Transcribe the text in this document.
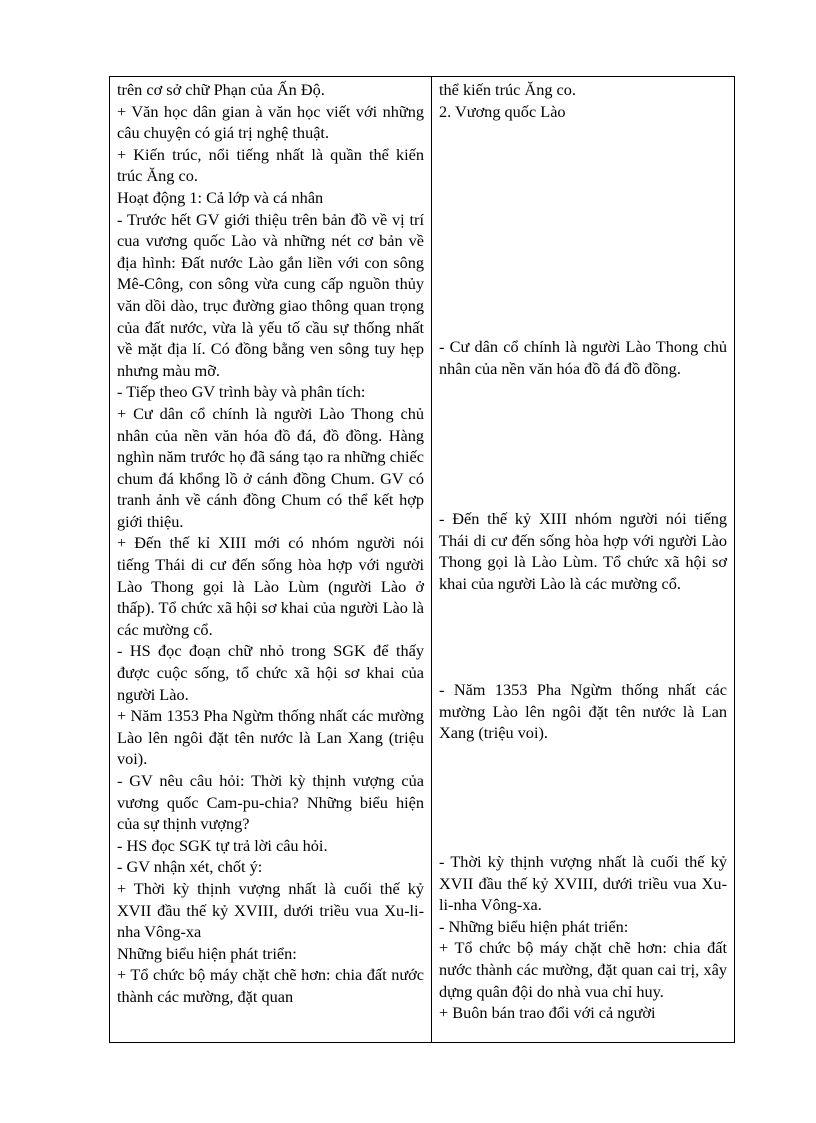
trên cơ sở chữ Phạn của Ấn Độ.
+ Văn học dân gian à văn học viết với những câu chuyện có giá trị nghệ thuật.
+ Kiến trúc, nổi tiếng nhất là quần thể kiến trúc Ăng co.
Hoạt động 1: Cả lớp và cá nhân
- Trước hết GV giới thiệu trên bản đồ về vị trí cua vương quốc Lào và những nét cơ bản về địa hình: Đất nước Lào gắn liền với con sông Mê-Công, con sông vừa cung cấp nguồn thủy văn dồi dào, trục đường giao thông quan trọng của đất nước, vừa là yếu tố cầu sự thống nhất về mặt địa lí. Có đồng bằng ven sông tuy hẹp nhưng màu mỡ.
- Tiếp theo GV trình bày và phân tích:
+ Cư dân cổ chính là người Lào Thong chủ nhân của nền văn hóa đồ đá, đồ đồng. Hàng nghìn năm trước họ đã sáng tạo ra những chiếc chum đá khổng lồ ở cánh đồng Chum. GV có tranh ảnh về cánh đồng Chum có thể kết hợp giới thiệu.
+ Đến thế kỉ XIII mới có nhóm người nói tiếng Thái di cư đến sống hòa hợp với người Lào Thong gọi là Lào Lùm (người Lào ở thấp). Tổ chức xã hội sơ khai của người Lào là các mường cổ.
- HS đọc đoạn chữ nhỏ trong SGK để thấy được cuộc sống, tổ chức xã hội sơ khai của người Lào.
+ Năm 1353 Pha Ngừm thống nhất các mường Lào lên ngôi đặt tên nước là Lan Xang (triệu voi).
- GV nêu câu hỏi: Thời kỳ thịnh vượng của vương quốc Cam-pu-chia? Những biểu hiện của sự thịnh vượng?
- HS đọc SGK tự trả lời câu hỏi.
- GV nhận xét, chốt ý:
+ Thời kỳ thịnh vượng nhất là cuối thế kỷ XVII đầu thế kỷ XVIII, dưới triều vua Xu-li-nha Vông-xa
Những biểu hiện phát triển:
+ Tổ chức bộ máy chặt chẽ hơn: chia đất nước thành các mường, đặt quan
thể kiến trúc Ăng co.
2. Vương quốc Lào
- Cư dân cổ chính là người Lào Thong chủ nhân của nền văn hóa đồ đá đồ đồng.
- Đến thế kỷ XIII nhóm người nói tiếng Thái di cư đến sống hòa hợp với người Lào Thong gọi là Lào Lùm. Tổ chức xã hội sơ khai của người Lào là các mường cổ.
- Năm 1353 Pha Ngừm thống nhất các mường Lào lên ngôi đặt tên nước là Lan Xang (triệu voi).
- Thời kỳ thịnh vượng nhất là cuối thế kỷ XVII đầu thế kỷ XVIII, dưới triều vua Xu-li-nha Vông-xa.
- Những biểu hiện phát triển:
+ Tổ chức bộ máy chặt chẽ hơn: chia đất nước thành các mường, đặt quan cai trị, xây dựng quân đội do nhà vua chỉ huy.
+ Buôn bán trao đổi với cả người
